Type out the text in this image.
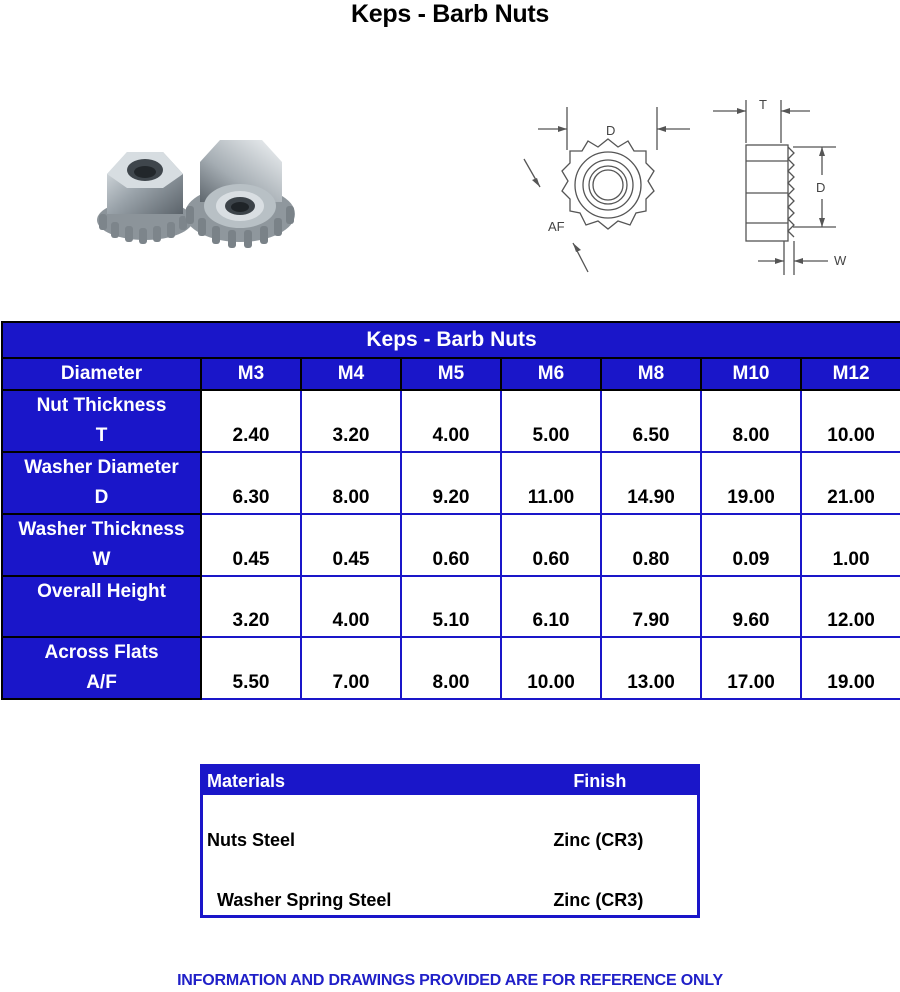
Keps - Barb Nuts
D
T
D
AF
W
Keps - Barb Nuts							
Diameter	M3	M4	M5	M6	M8	M10	M12
Nut Thickness
T	2.40	3.20	4.00	5.00	6.50	8.00	10.00
Washer Diameter
D	6.30	8.00	9.20	11.00	14.90	19.00	21.00
Washer Thickness
W	0.45	0.45	0.60	0.60	0.80	0.09	1.00
Overall Height	3.20	4.00	5.10	6.10	7.90	9.60	12.00
Across Flats
A/F	5.50	7.00	8.00	10.00	13.00	17.00	19.00
Materials	Finish
Nuts Steel	Zinc (CR3)
Washer Spring Steel	Zinc (CR3)
INFORMATION AND DRAWINGS PROVIDED ARE FOR REFERENCE ONLY
